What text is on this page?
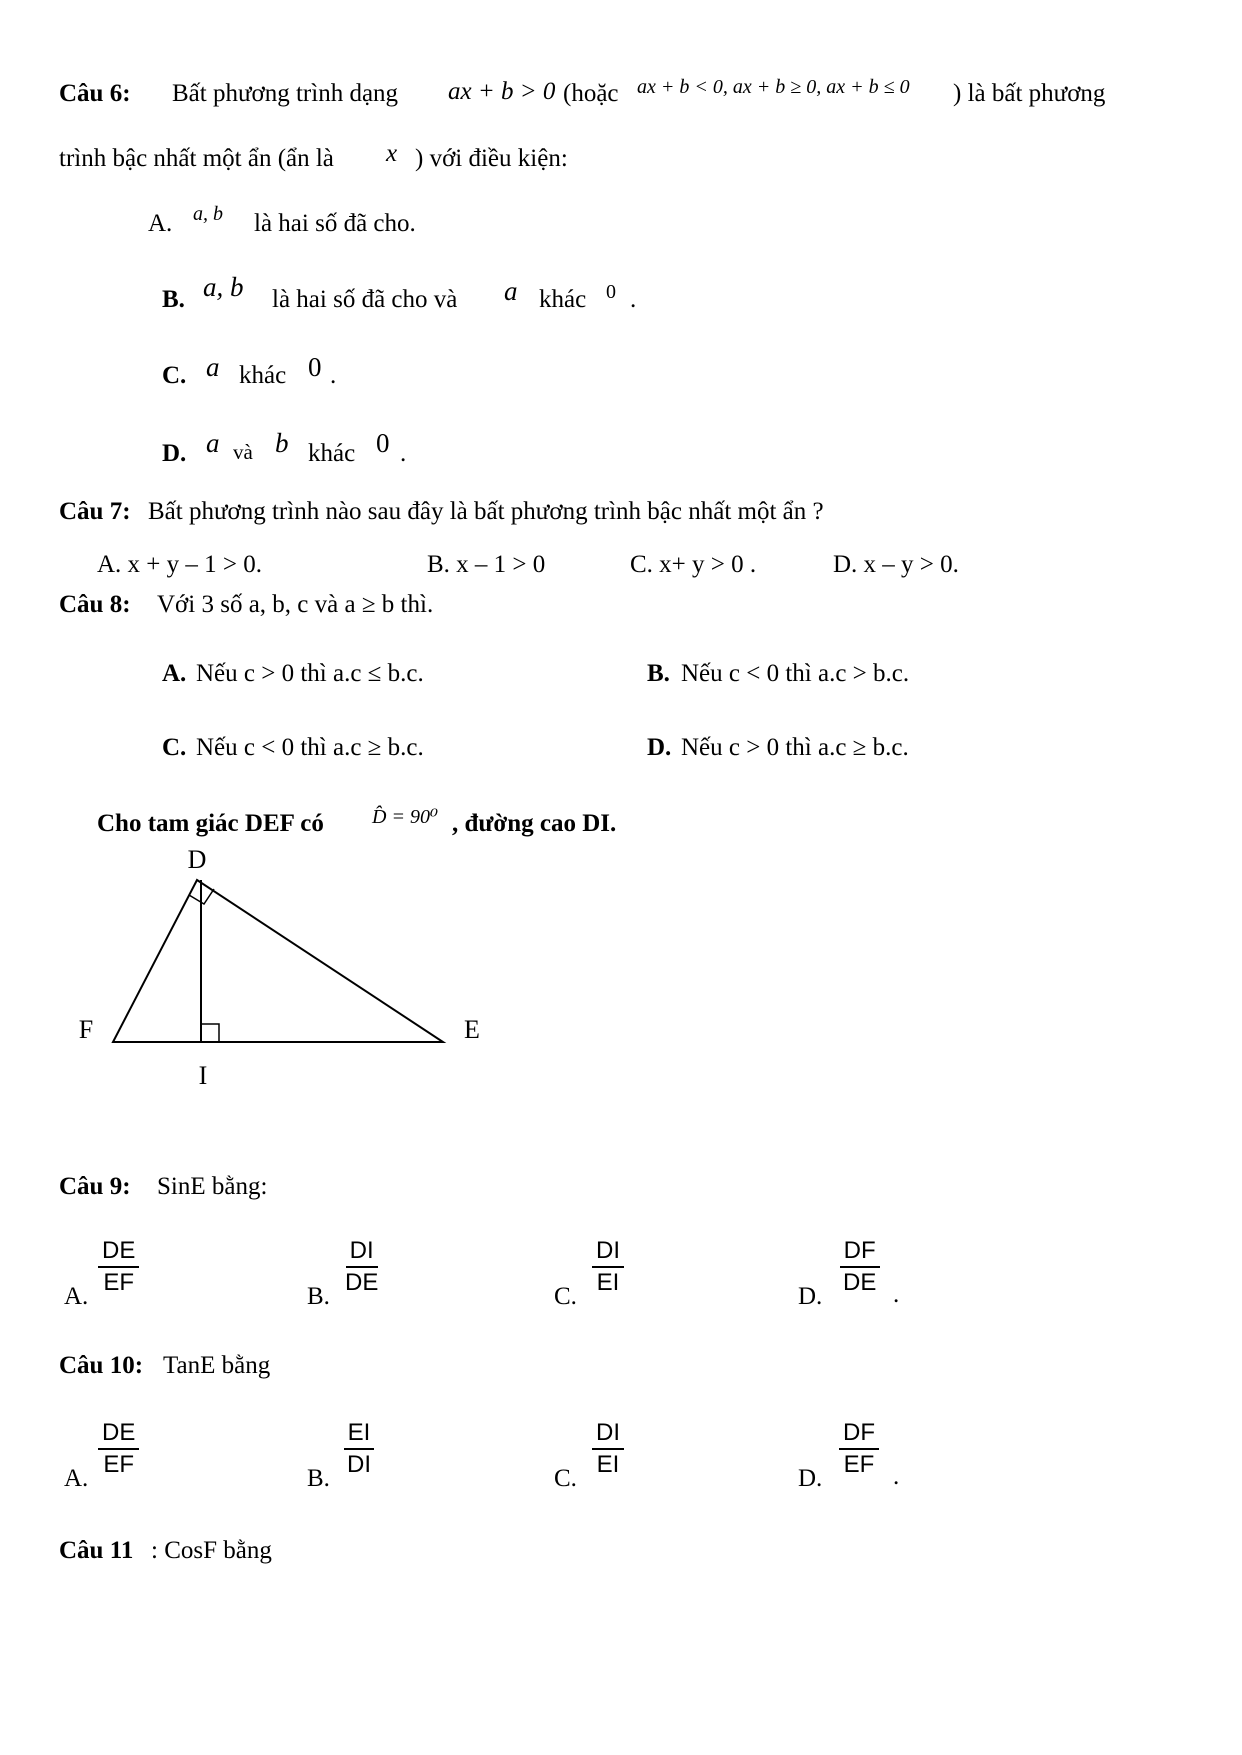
Câu 6: Bất phương trình dạng ax + b > 0 (hoặc ax + b < 0, ax + b ≥ 0, ax + b ≤ 0 ) là bất phương
trình bậc nhất một ẩn (ẩn là x ) với điều kiện:
A. a, b là hai số đã cho.
B. a, b là hai số đã cho và a khác 0 .
C. a khác 0 .
D. a và b khác 0 .
Câu 7: Bất phương trình nào sau đây là bất phương trình bậc nhất một ẩn ?
A. x + y – 1 > 0.	B. x – 1 > 0	C. x+ y > 0 .	D. x – y > 0.
Câu 8: Với 3 số a, b, c và a ≥ b thì.
A. Nếu c > 0 thì a.c ≤ b.c.	B. Nếu c < 0 thì a.c > b.c.
C. Nếu c < 0 thì a.c ≥ b.c.	D. Nếu c > 0 thì a.c ≥ b.c.
Cho tam giác DEF có D̂ = 90⁰ , đường cao DI.
D
F	E
I
Câu 9: SinE bằng:
A. $\frac{DE}{EF}$	B. $\frac{DI}{DE}$	C. $\frac{DI}{EI}$	D. $\frac{DF}{DE}$ .
Câu 10: TanE bằng
A. $\frac{DE}{EF}$	B. $\frac{EI}{DI}$	C. $\frac{DI}{EI}$	D. $\frac{DF}{EF}$ .
Câu 11 : CosF bằng
